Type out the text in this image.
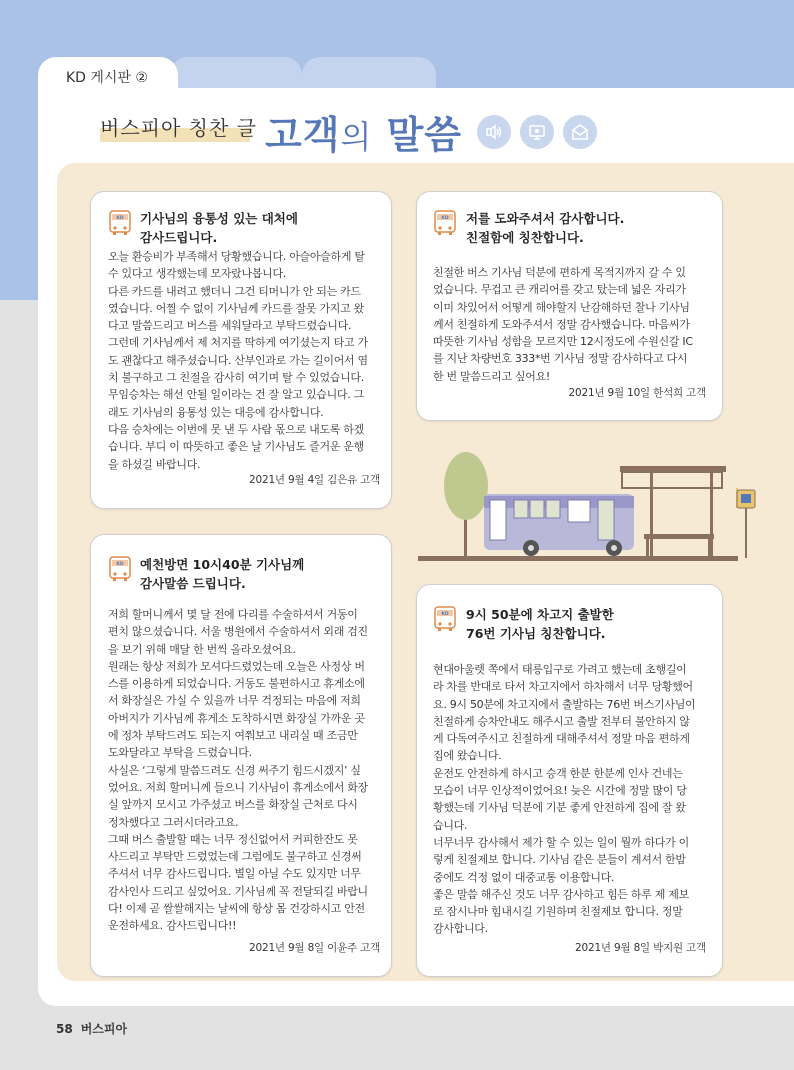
KD 게시판 ②
버스피아 칭찬 글 고객의 말씀
KD 기사님의 융통성 있는 대처에
감사드립니다.

오늘 환승비가 부족해서 당황했습니다. 아슬아슬하게 탈

수 있다고 생각했는데 모자랐나봅니다.

다른 카드를 내려고 했더니 그건 티머니가 안 되는 카드

였습니다. 어찔 수 없이 기사님께 카드를 잘못 가지고 왔

다고 말씀드리고 버스를 세워달라고 부탁드렸습니다.

그런데 기사님께서 제 처지를 딱하게 여기셨는지 타고 가

도 괜찮다고 해주셨습니다. 산부인과로 가는 길이어서 염

치 불구하고 그 친절을 감사히 여기며 탈 수 있었습니다.

무임승차는 해선 안될 일이라는 건 잘 알고 있습니다. 그

래도 기사님의 융통성 있는 대응에 감사합니다.

다음 승차에는 이번에 못 낸 두 사람 몫으로 내도록 하겠

습니다. 부디 이 따뜻하고 좋은 날 기사님도 즐거운 운행

을 하셨길 바랍니다.

2021년 9월 4일 김은유 고객
KD 저를 도와주셔서 감사합니다.
친절함에 칭찬합니다.

친절한 버스 기사님 덕분에 편하게 목적지까지 갈 수 있

었습니다. 무겁고 큰 캐리어를 갖고 탔는데 넓은 자리가

이미 차있어서 어떻게 해야할지 난감해하던 찰나 기사님

께서 친절하게 도와주셔서 정말 감사했습니다. 마음씨가

따뜻한 기사님 성함을 모르지만 12시정도에 수원신갈 IC

를 지난 차량번호 333*번 기사님 정말 감사하다고 다시

한 번 말씀드리고 싶어요!

2021년 9월 10일 한석희 고객
KD 예천방면 10시40분 기사님께
감사말씀 드립니다.

저희 할머니께서 몇 달 전에 다리를 수술하셔서 거동이

편치 않으셨습니다. 서울 병원에서 수술하셔서 외래 검진

을 보기 위해 매달 한 번씩 올라오셨어요.

원래는 항상 저희가 모셔다드렸었는데 오늘은 사정상 버

스를 이용하게 되었습니다. 거동도 불편하시고 휴게소에

서 화장실은 가실 수 있을까 너무 걱정되는 마음에 저희

아버지가 기사님께 휴게소 도착하시면 화장실 가까운 곳

에 정차 부탁드려도 되는지 여쭤보고 내리실 때 조금만

도와달라고 부탁을 드렸습니다.

사실은 ‘그렇게 말씀드려도 신경 써주기 힘드시겠지’ 싶

었어요. 저희 할머니께 들으니 기사님이 휴게소에서 화장

실 앞까지 모시고 가주셨고 버스를 화장실 근처로 다시

정차했다고 그러시더라고요.

그때 버스 출발할 때는 너무 정신없어서 커피한잔도 못

사드리고 부탁만 드렸었는데 그럼에도 불구하고 신경써

주셔서 너무 감사드립니다. 별일 아닐 수도 있지만 너무

감사인사 드리고 싶었어요. 기사님께 꼭 전달되길 바랍니

다! 이제 곧 쌀쌀해지는 날씨에 항상 몸 건강하시고 안전

운전하세요. 감사드립니다!!

2021년 9월 8일 이윤주 고객
KD 9시 50분에 차고지 출발한
76번 기사님 칭찬합니다.

현대아울렛 쪽에서 태릉입구로 가려고 했는데 초행길이

라 차를 반대로 타서 차고지에서 하차해서 너무 당황했어

요. 9시 50분에 차고지에서 출발하는 76번 버스기사님이

친절하게 승차안내도 해주시고 출발 전부터 불안하지 않

게 다독여주시고 친절하게 대해주셔서 정말 마음 편하게

집에 왔습니다.

운전도 안전하게 하시고 승객 한분 한분께 인사 건네는

모습이 너무 인상적이었어요! 늦은 시간에 정말 많이 당

황했는데 기사님 덕분에 기분 좋게 안전하게 집에 잘 왔

습니다.

너무너무 감사해서 제가 할 수 있는 일이 뭘까 하다가 이

렇게 친절제보 합니다. 기사님 같은 분들이 계셔서 한밤

중에도 걱정 없이 대중교통 이용합니다.

좋은 말씀 해주신 것도 너무 감사하고 힘든 하루 제 제보

로 잠시나마 힘내시길 기원하며 친절제보 합니다. 정말

감사합니다.

2021년 9월 8일 박지원 고객
58 버스피아
